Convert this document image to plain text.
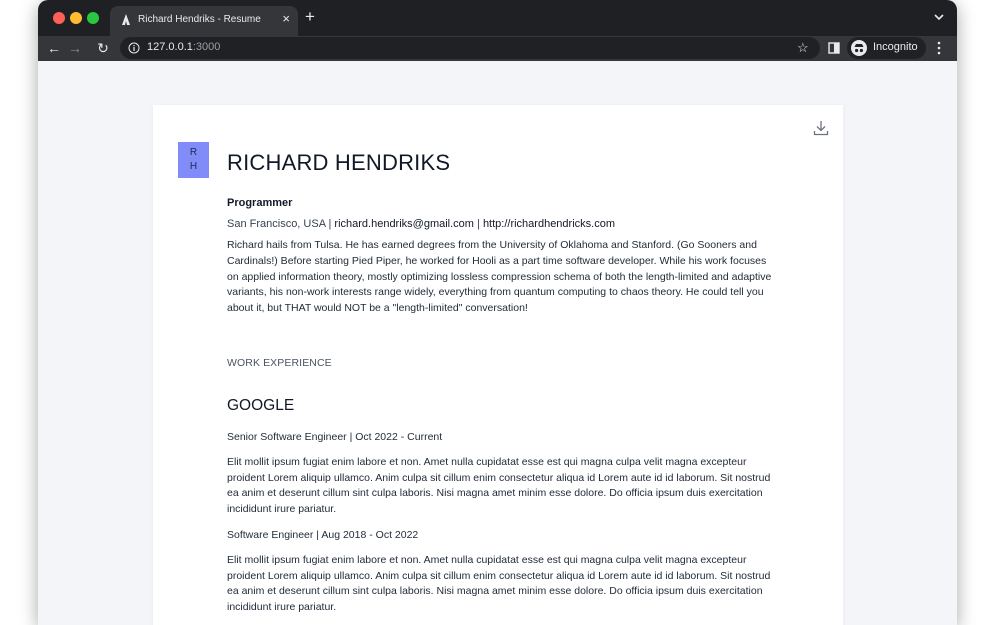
Richard Hendriks - Resume × +
← → ↻	127.0.0.1:3000	☆	Incognito
R
H	RICHARD HENDRIKS
Programmer
San Francisco, USA | richard.hendriks@gmail.com | http://richardhendricks.com
Richard hails from Tulsa. He has earned degrees from the University of Oklahoma and Stanford. (Go Sooners and Cardinals!) Before starting Pied Piper, he worked for Hooli as a part time software developer. While his work focuses on applied information theory, mostly optimizing lossless compression schema of both the length-limited and adaptive variants, his non-work interests range widely, everything from quantum computing to chaos theory. He could tell you about it, but THAT would NOT be a "length-limited" conversation!
WORK EXPERIENCE
GOOGLE
Senior Software Engineer | Oct 2022 - Current
Elit mollit ipsum fugiat enim labore et non. Amet nulla cupidatat esse est qui magna culpa velit magna excepteur proident Lorem aliquip ullamco. Anim culpa sit cillum enim consectetur aliqua id Lorem aute id id laborum. Sit nostrud ea anim et deserunt cillum sint culpa laboris. Nisi magna amet minim esse dolore. Do officia ipsum duis exercitation incididunt irure pariatur.
Software Engineer | Aug 2018 - Oct 2022
Elit mollit ipsum fugiat enim labore et non. Amet nulla cupidatat esse est qui magna culpa velit magna excepteur proident Lorem aliquip ullamco. Anim culpa sit cillum enim consectetur aliqua id Lorem aute id id laborum. Sit nostrud ea anim et deserunt cillum sint culpa laboris. Nisi magna amet minim esse dolore. Do officia ipsum duis exercitation incididunt irure pariatur.
